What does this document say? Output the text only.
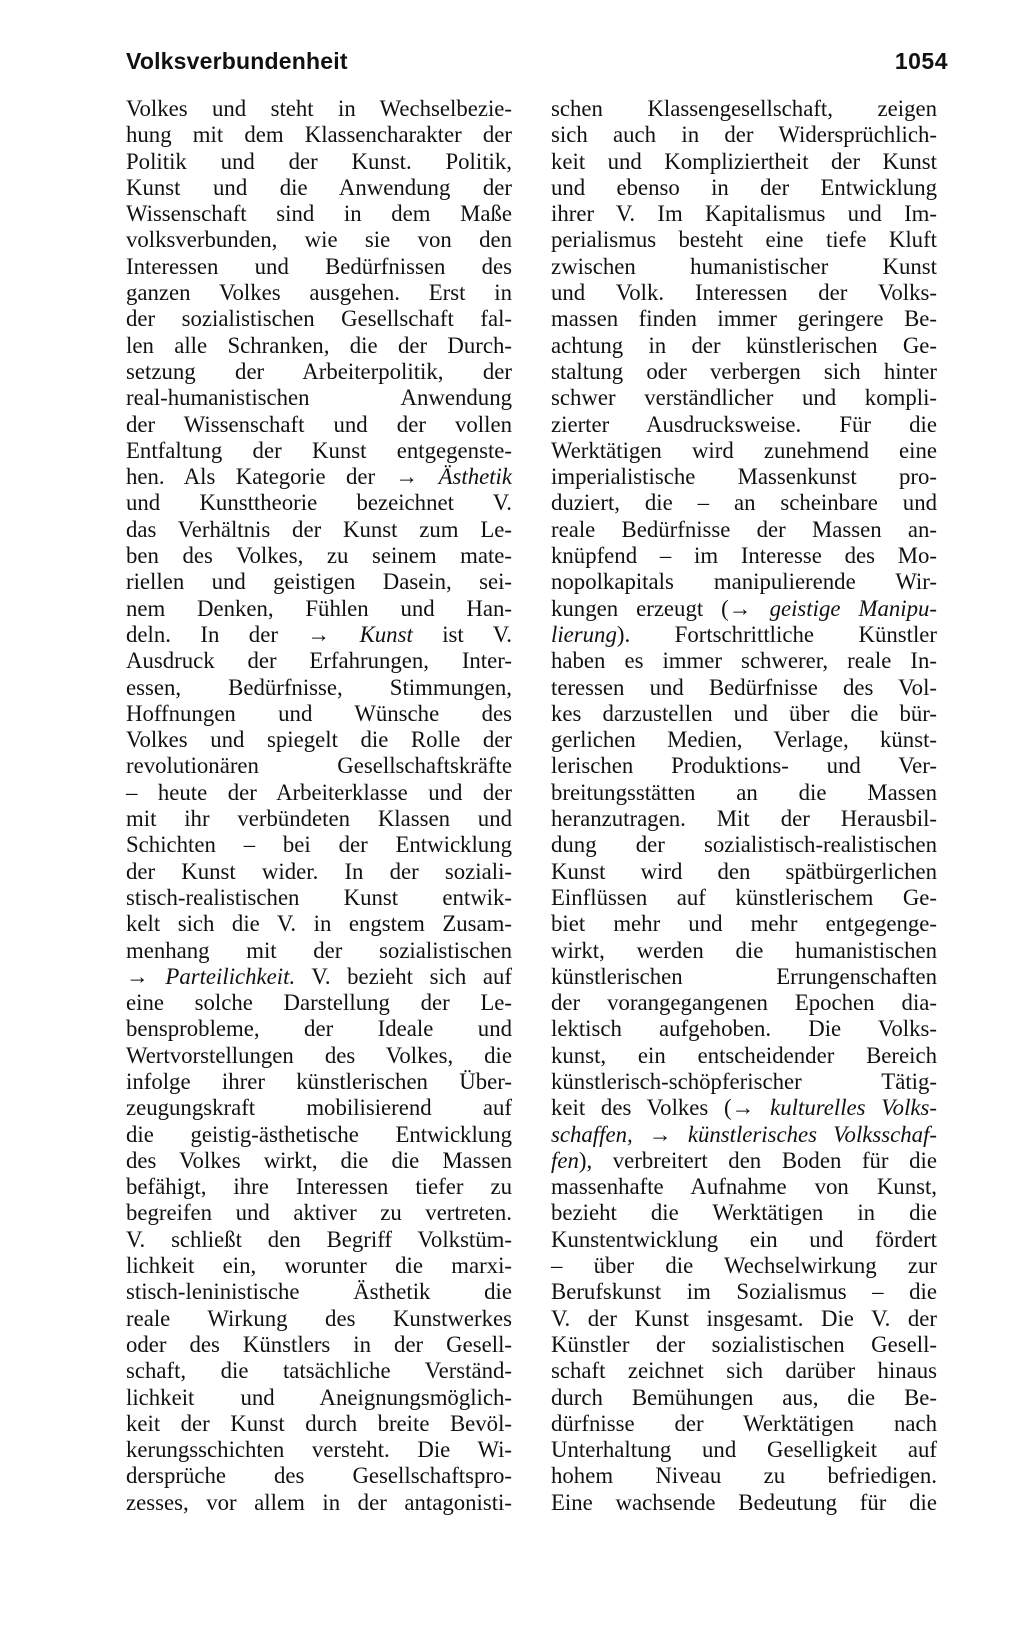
Volksverbundenheit	1054
Volkes und steht in Wechselbezie-
hung mit dem Klassencharakter der
Politik und der Kunst. Politik,
Kunst und die Anwendung der
Wissenschaft sind in dem Maße
volksverbunden, wie sie von den
Interessen und Bedürfnissen des
ganzen Volkes ausgehen. Erst in
der sozialistischen Gesellschaft fal-
len alle Schranken, die der Durch-
setzung der Arbeiterpolitik, der
real-humanistischen Anwendung
der Wissenschaft und der vollen
Entfaltung der Kunst entgegenste-
hen. Als Kategorie der → Ästhetik
und Kunsttheorie bezeichnet V.
das Verhältnis der Kunst zum Le-
ben des Volkes, zu seinem mate-
riellen und geistigen Dasein, sei-
nem Denken, Fühlen und Han-
deln. In der → Kunst ist V.
Ausdruck der Erfahrungen, Inter-
essen, Bedürfnisse, Stimmungen,
Hoffnungen und Wünsche des
Volkes und spiegelt die Rolle der
revolutionären Gesellschaftskräfte
– heute der Arbeiterklasse und der
mit ihr verbündeten Klassen und
Schichten – bei der Entwicklung
der Kunst wider. In der soziali-
stisch-realistischen Kunst entwik-
kelt sich die V. in engstem Zusam-
menhang mit der sozialistischen
→ Parteilichkeit. V. bezieht sich auf
eine solche Darstellung der Le-
bensprobleme, der Ideale und
Wertvorstellungen des Volkes, die
infolge ihrer künstlerischen Über-
zeugungskraft mobilisierend auf
die geistig-ästhetische Entwicklung
des Volkes wirkt, die die Massen
befähigt, ihre Interessen tiefer zu
begreifen und aktiver zu vertreten.
V. schließt den Begriff Volkstüm-
lichkeit ein, worunter die marxi-
stisch-leninistische Ästhetik die
reale Wirkung des Kunstwerkes
oder des Künstlers in der Gesell-
schaft, die tatsächliche Verständ-
lichkeit und Aneignungsmöglich-
keit der Kunst durch breite Bevöl-
kerungsschichten versteht. Die Wi-
dersprüche des Gesellschaftspro-
zesses, vor allem in der antagonisti-
schen Klassengesellschaft, zeigen
sich auch in der Widersprüchlich-
keit und Kompliziertheit der Kunst
und ebenso in der Entwicklung
ihrer V. Im Kapitalismus und Im-
perialismus besteht eine tiefe Kluft
zwischen humanistischer Kunst
und Volk. Interessen der Volks-
massen finden immer geringere Be-
achtung in der künstlerischen Ge-
staltung oder verbergen sich hinter
schwer verständlicher und kompli-
zierter Ausdrucksweise. Für die
Werktätigen wird zunehmend eine
imperialistische Massenkunst pro-
duziert, die – an scheinbare und
reale Bedürfnisse der Massen an-
knüpfend – im Interesse des Mo-
nopolkapitals manipulierende Wir-
kungen erzeugt (→ geistige Manipu-
lierung). Fortschrittliche Künstler
haben es immer schwerer, reale In-
teressen und Bedürfnisse des Vol-
kes darzustellen und über die bür-
gerlichen Medien, Verlage, künst-
lerischen Produktions- und Ver-
breitungsstätten an die Massen
heranzutragen. Mit der Herausbil-
dung der sozialistisch-realistischen
Kunst wird den spätbürgerlichen
Einflüssen auf künstlerischem Ge-
biet mehr und mehr entgegenge-
wirkt, werden die humanistischen
künstlerischen Errungenschaften
der vorangegangenen Epochen dia-
lektisch aufgehoben. Die Volks-
kunst, ein entscheidender Bereich
künstlerisch-schöpferischer Tätig-
keit des Volkes (→ kulturelles Volks-
schaffen, → künstlerisches Volksschaf-
fen), verbreitert den Boden für die
massenhafte Aufnahme von Kunst,
bezieht die Werktätigen in die
Kunstentwicklung ein und fördert
– über die Wechselwirkung zur
Berufskunst im Sozialismus – die
V. der Kunst insgesamt. Die V. der
Künstler der sozialistischen Gesell-
schaft zeichnet sich darüber hinaus
durch Bemühungen aus, die Be-
dürfnisse der Werktätigen nach
Unterhaltung und Geselligkeit auf
hohem Niveau zu befriedigen.
Eine wachsende Bedeutung für die
